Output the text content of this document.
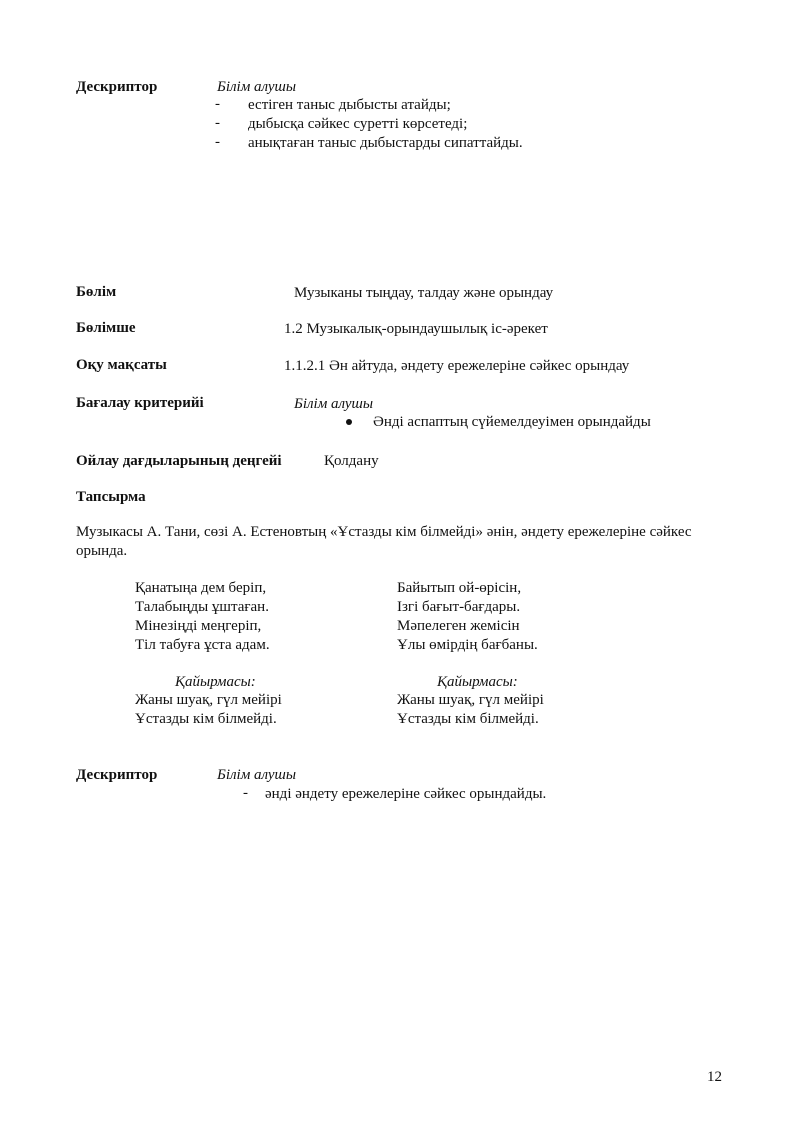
Дескриптор	Білім алушы
- естіген таныс дыбысты атайды;
- дыбысқа сәйкес суретті көрсетеді;
- анықтаған таныс дыбыстарды сипаттайды.
Бөлім	Музыканы тыңдау, талдау және орындау
Бөлімше	1.2 Музыкалық-орындаушылық іс-әрекет
Оқу мақсаты	1.1.2.1 Ән айтуда, әндету ережелеріне сәйкес орындау
Бағалау критерийі	Білім алушы
Әнді аспаптың сүйемелдеуімен орындайды
Ойлау дағдыларының деңгейі	Қолдану
Тапсырма
Музыкасы А. Тани, сөзі А. Естеновтың «Ұстазды кім білмейді» әнін, әндету ережелеріне сәйкес орында.
Қанатыңа дем беріп,
Талабыңды ұштаған.
Мінезіңді меңгеріп,
Тіл табуға ұста адам.
Қайырмасы:
Жаны шуақ, гүл мейірі
Ұстазды кім білмейді.
Байытып ой-өрісін,
Ізгі бағыт-бағдары.
Мәпелеген жемісін
Ұлы өмірдің бағбаны.
Қайырмасы:
Жаны шуақ, гүл мейірі
Ұстазды кім білмейді.
Дескриптор	Білім алушы
- әнді әндету ережелеріне сәйкес орындайды.
12
